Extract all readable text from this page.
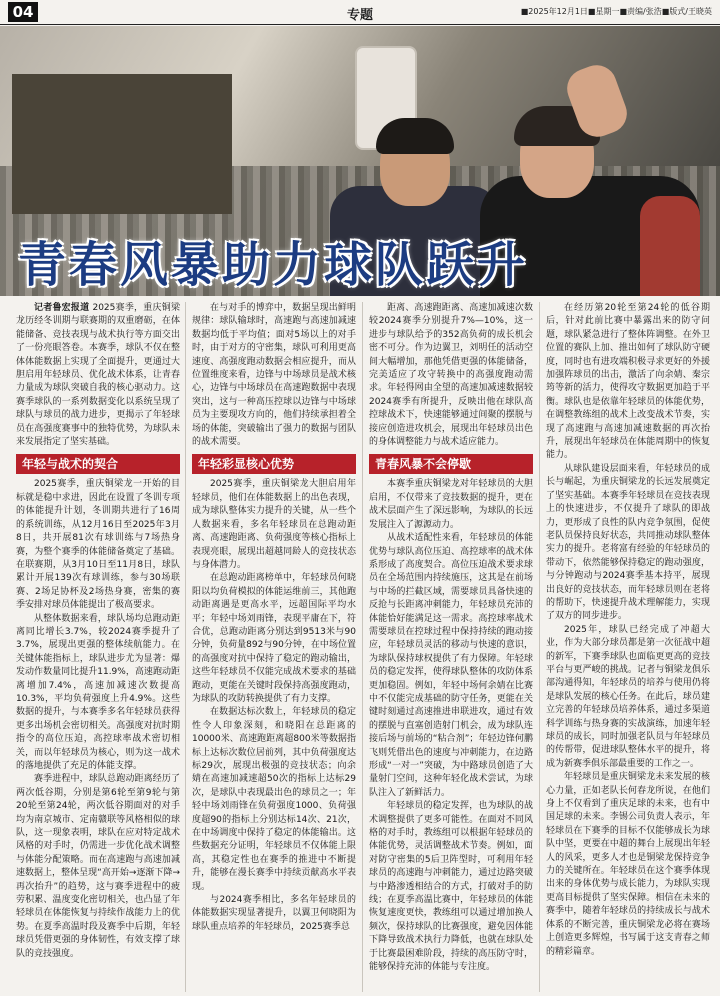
04	专题	■2025年12月1日■星期一■责编/张浩■版式/王晓英
青春风暴助力球队跃升

记者鲁宏报道 2025赛季，重庆铜梁龙历经冬训期与联赛期的双重磨砺，在体能储备、竞技表现与战术执行等方面交出了一份亮眼答卷。本赛季，球队不仅在整体体能数据上实现了全面提升，更通过大胆启用年轻球员、优化战术体系，让青春力量成为球队突破自我的核心驱动力。这赛季球队的一系列数据变化以系统呈现了球队与球员的战力进步，更揭示了年轻球员在高强度赛事中的独特优势，为球队未来发展指定了坚实基础。

年轻与战术的契合

2025赛季，重庆铜梁龙一开始的目标就是稳中求进，因此在设置了冬训专项的体能提升计划，冬训期共进行了16周的系统训练，从12月16日至2025年3月8日，共开展81次有球训练与7场热身赛，为整个赛季的体能储备奠定了基础。在联赛期，从3月10日至11月8日，球队累计开展139次有球训练，参与30场联赛、2场足协杯及2场热身赛，密集的赛季安排对球员体能提出了极高要求。

从整体数据来看，球队场均总跑动距离同比增长3.7%，较2024赛季提升了3.7%，展现出更强的整体续航能力。在关键体能指标上，球队进步尤为显著：爆发动作数量同比提升11.9%，高速跑动距离增加7.4%，高速加减速次数提高10.3%，平均负荷强度上升4.9%。这些数据的提升，与本赛季多名年轻球员获得更多出场机会密切相关。高强度对抗时期指令的高位压迫，高控球率战术密切相关，而以年轻球员为核心，则为这一战术的落地提供了充足的体能支撑。

赛季进程中，球队总跑动距离经历了两次低谷期，分别是第6轮至第9轮与第20轮至第24轮，两次低谷期面对的对手均为南京城市、定南赣联等风格相似的球队，这一现象表明，球队在应对特定战术风格的对手时，仍需进一步优化战术调整与体能分配策略。而在高速跑与高速加减速数据上，整体呈现“高开始→逐渐下降→再次抬升”的趋势，这与赛季进程中的疲劳积累、温度变化密切相关，也凸显了年轻球员在体能恢复与持续作战能力上的优势。在夏季高温时段及赛季中后期，年轻球员凭借更强的身体韧性，有效支撑了球队的竞技强度。

在与对手的博弈中，数据呈现出鲜明规律：球队输球时，高速跑与高速加减速数据均低于平均值；面对5场以上的对手时，由于对方的守密集，球队可利用更高速度、高强度跑动数据会相应提升，而从位置维度来看，边锋与中场球员是战术核心，边锋与中场球员在高速跑数据中表现突出，这与一种高压控球以边锋与中场球员为主要现攻方向的，他们持续承担着全场的体能，突破输出了强力的数据与团队的战术需要。

年轻彩显核心优势

2025赛季，重庆铜梁龙大胆启用年轻球员，他们在体能数据上的出色表现，成为球队整体实力提升的关键，从一些个人数据来看，多名年轻球员在总跑动距离、高速跑距离、负荷强度等核心指标上表现亮眼，展现出超越同龄人的竞技状态与身体潜力。

在总跑动距离榜单中，年轻球员何晓阳以均负荷模拟的体能运维前三，其他跑动距离遇是更高水平，远超国际平均水平；年轻中场刘雨锋，表现平庸在下，符合优，总跑动距离分别达到9513米与90分钟，负荷量892与90分钟，在中场位置的高强度对抗中保持了稳定的跑动输出，这些年轻球员不仅能完成战术要求的基础跑动，更能在关键时段保持高强度跑动，为球队的攻防转换提供了有力支撑。

在数据达标次数上，年轻球员的稳定性令人印象深刻，和晓阳在总距离的10000米、高速跑距离超800米等数据指标上达标次数位居前列，其中负荷强度达标29次，展现出极强的竞技状态；向余婧在高速加减速超50次的指标上达标29次，是球队中表现最出色的球员之一；年轻中场刘雨锋在负荷强度1000、负荷强度超90的指标上分别达标14次、21次，在中场调度中保持了稳定的体能输出。这些数据充分证明，年轻球员不仅体能上限高，其稳定性也在赛季的推进中不断提升，能够在漫长赛季中持续贡献高水平表现。

与2024赛季相比，多名年轻球员的体能数据实现显著提升，以翼卫何晓阳为球队重点培养的年轻球员，2025赛季总

距离、高速跑距离、高速加减速次数较2024赛季分别提升7%—10%，这一进步与球队给予的352高负荷的成长机会密不可分。作为边翼卫，刘明任的活动空间大幅增加，那他凭借更强的体能储备，完美适应了攻守转换中的高强度跑动需求。年轻得网由全望的高速加减速数据较2024赛季有所提升，反映出他在球队高控球战术下，快速能够通过间聚的摆脱与接应创造进攻机会，展现出年轻球员出色的身体调整能力与战术适应能力。

青春风暴不会停歇

本赛季重庆铜梁龙对年轻球员的大胆启用，不仅带来了竞技数据的提升，更在战术层面产生了深远影响，为球队的长远发展注入了源源动力。

从战术适配性来看，年轻球员的体能优势与球队高位压迫、高控球率的战术体系形成了高度契合。高位压迫战术要求球员在全场范围内持续施压，这其是在前场与中场的拦截区域，需要球员具备快速的反抢与长距离冲刺能力，年轻球员充沛的体能恰好能满足这一需求。高控球率战术需要球员在控球过程中保持持续的跑动接应，年轻球员灵活的移动与快速的意识，为球队保持球权提供了有力保障。年轻球员的稳定发挥，使得球队整体的攻防体系更加稳固。例如，年轻中场何余婧在比赛中不仅能完成基础的防守任务，更能在关键时刻通过高速推进串联进攻，通过有效的摆脱与直塞创造射门机会，成为球队连接后场与前场的“粘合剂”；年轻边锋何鹏飞则凭借出色的速度与冲刺能力，在边路形成“一对一”突破，为中路球员创造了大量射门空间，这种年轻化战术尝试，为球队注入了新鲜活力。

年轻球员的稳定发挥，也为球队的战术调整提供了更多可能性。在面对不同风格的对手时，教练组可以根据年轻球员的体能优势，灵活调整战术节奏。例如，面对防守密集的5后卫阵型时，可利用年轻球员的高速跑与冲刺能力，通过边路突破与中路渗透相结合的方式，打破对手的防线；在夏季高温比赛中，年轻球员的体能恢复速度更快，教练组可以通过增加换人频次，保持球队的比赛强度，避免因体能下降导致战术执行力降低，也就在球队处于比赛最困难阶段，持续的高压防守时，能够保持充沛的体能与专注度。

在经历第20轮至第24轮的低谷期后，针对此前比赛中暴露出来的防守问题，球队紧急进行了整体阵调整。在外卫位置的赛队上加、推出如何了球队防守硬度，同时也有进攻端积极寻求更好的外援加强阵球员的出击，激活了向余婧、秦宗筠等新的活力，使得攻守数据更加趋于平衡。球队也是依靠年轻球员的体能优势，在调整教练组的战术上改变战术节奏，实现了高速跑与高速加减速数据的再次抬升，展现出年轻球员在体能周期中的恢复能力。

从球队建设层面来看，年轻球员的成长与崛起，为重庆铜梁龙的长远发展奠定了坚实基础。本赛季年轻球员在竞技表现上的快速进步，不仅提升了球队的即战力，更形成了良性的队内竞争氛围，促使老队员保持良好状态，共同推动球队整体实力的提升。老将富有经验的年轻球员的带动下，依然能够保持稳定的跑动强度，与分钟跑动与2024赛季基本持平，展现出良好的竞技状态，而年轻球员则在老将的帮助下，快速提升战术理解能力，实现了双方的同步进步。

2025年，球队已经完成了冲超大业，作为大部分球员都是第一次征战中超的新军，下赛季球队也面临更更高的竞技平台与更严峻的挑战。记者与铜梁龙俱乐部沟通得知，年轻球员的培养与使用仍将是球队发展的核心任务。在此后，球员建立完善的年轻球员培养体系，通过多渠道科学训练与热身赛的实战演练，加速年轻球员的成长，同时加强老队员与年轻球员的传帮带，促进球队整体水平的提升，将成为新赛季俱乐部最重要的工作之一。

年轻球员是重庆铜梁龙未来发展的核心力量，正如老队长何春龙所说，在他们身上不仅看到了重庆足球的未来，也有中国足球的未来。李锡公司负责人表示，年轻球员在下赛季的目标不仅能够成长为球队中坚，更要在中超的舞台上展现出年轻人的风采，更多人才也是铜梁龙保持竞争力的关键所在。年轻球员在这个赛季体现出来的身体优势与成长能力，为球队实现更高目标提供了坚实保障。相信在未来的赛季中，随着年轻球员的持续成长与战术体系的不断完善，重庆铜梁龙必将在赛场上创造更多辉煌，书写属于这支青春之师的精彩篇章。
